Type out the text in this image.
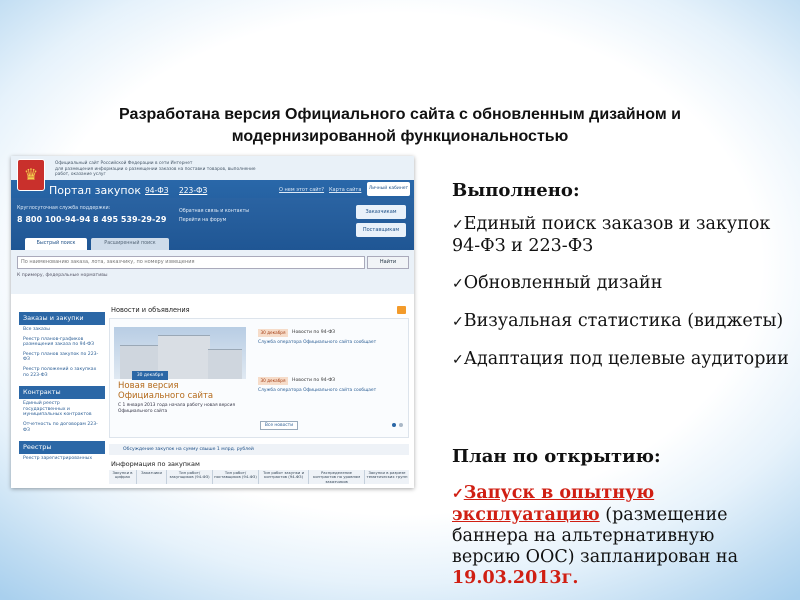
Разработана версия Официального сайта с обновленным дизайном и
модернизированной функциональностью
♛
Официальный сайт Российской Федерации в сети Интернет
для размещения информации о размещении заказов на поставки товаров, выполнение работ, оказание услуг
Портал закупок 94-ФЗ 223-ФЗ	О нем этот сайт? Карта сайта	Личный кабинет
Круглосуточная служба поддержки:
8 800 100-94-94 8 495 539-29-29
Обратная связь и контакты
Перейти на форум
Заказчикам
Поставщикам
Быстрый поиск	Расширенный поиск
По наименованию заказа, лота, заказчику, по номеру извещения	Найти
К примеру, федеральные нормативы
Заказы и закупки
Все заказы
Реестр планов-графиков размещения заказа по 94-ФЗ
Реестр планов закупок по 223-ФЗ
Реестр положений о закупках по 223-ФЗ
Контракты
Единый реестр государственных и муниципальных контрактов
Отчетность по договорам 223-ФЗ
Реестры
Реестр зарегистрированных
Новости и объявления
30 декабря
Новая версия Официального сайта
С 1 января 2013 года начала работу новая версия Официального сайта
30 декабря	Новости по 94-ФЗ
Служба оператора Официального сайта сообщает
30 декабря	Новости по 94-ФЗ
Служба оператора Официального сайта сообщает
Все новости
Обсуждение закупок на сумму свыше 1 млрд. рублей
Информация по закупкам
Закупки в цифрах
Заказчики	Тип работ/ закупщиков (94-ФЗ)
Тип работ/ поставщиков (94-ФЗ)
Тип работ закупки и контрактов (94-ФЗ)
Распределение контрактов по уровням заказчиков
Закупки в разрезе тематических групп
Выполнено:
✓Единый поиск заказов и закупок 94-ФЗ и 223-ФЗ
✓Обновленный дизайн
✓Визуальная статистика (виджеты)
✓Адаптация под целевые аудитории
План по открытию:
✓Запуск в опытную эксплуатацию (размещение баннера на альтернативную версию ООС) запланирован на 19.03.2013г.
